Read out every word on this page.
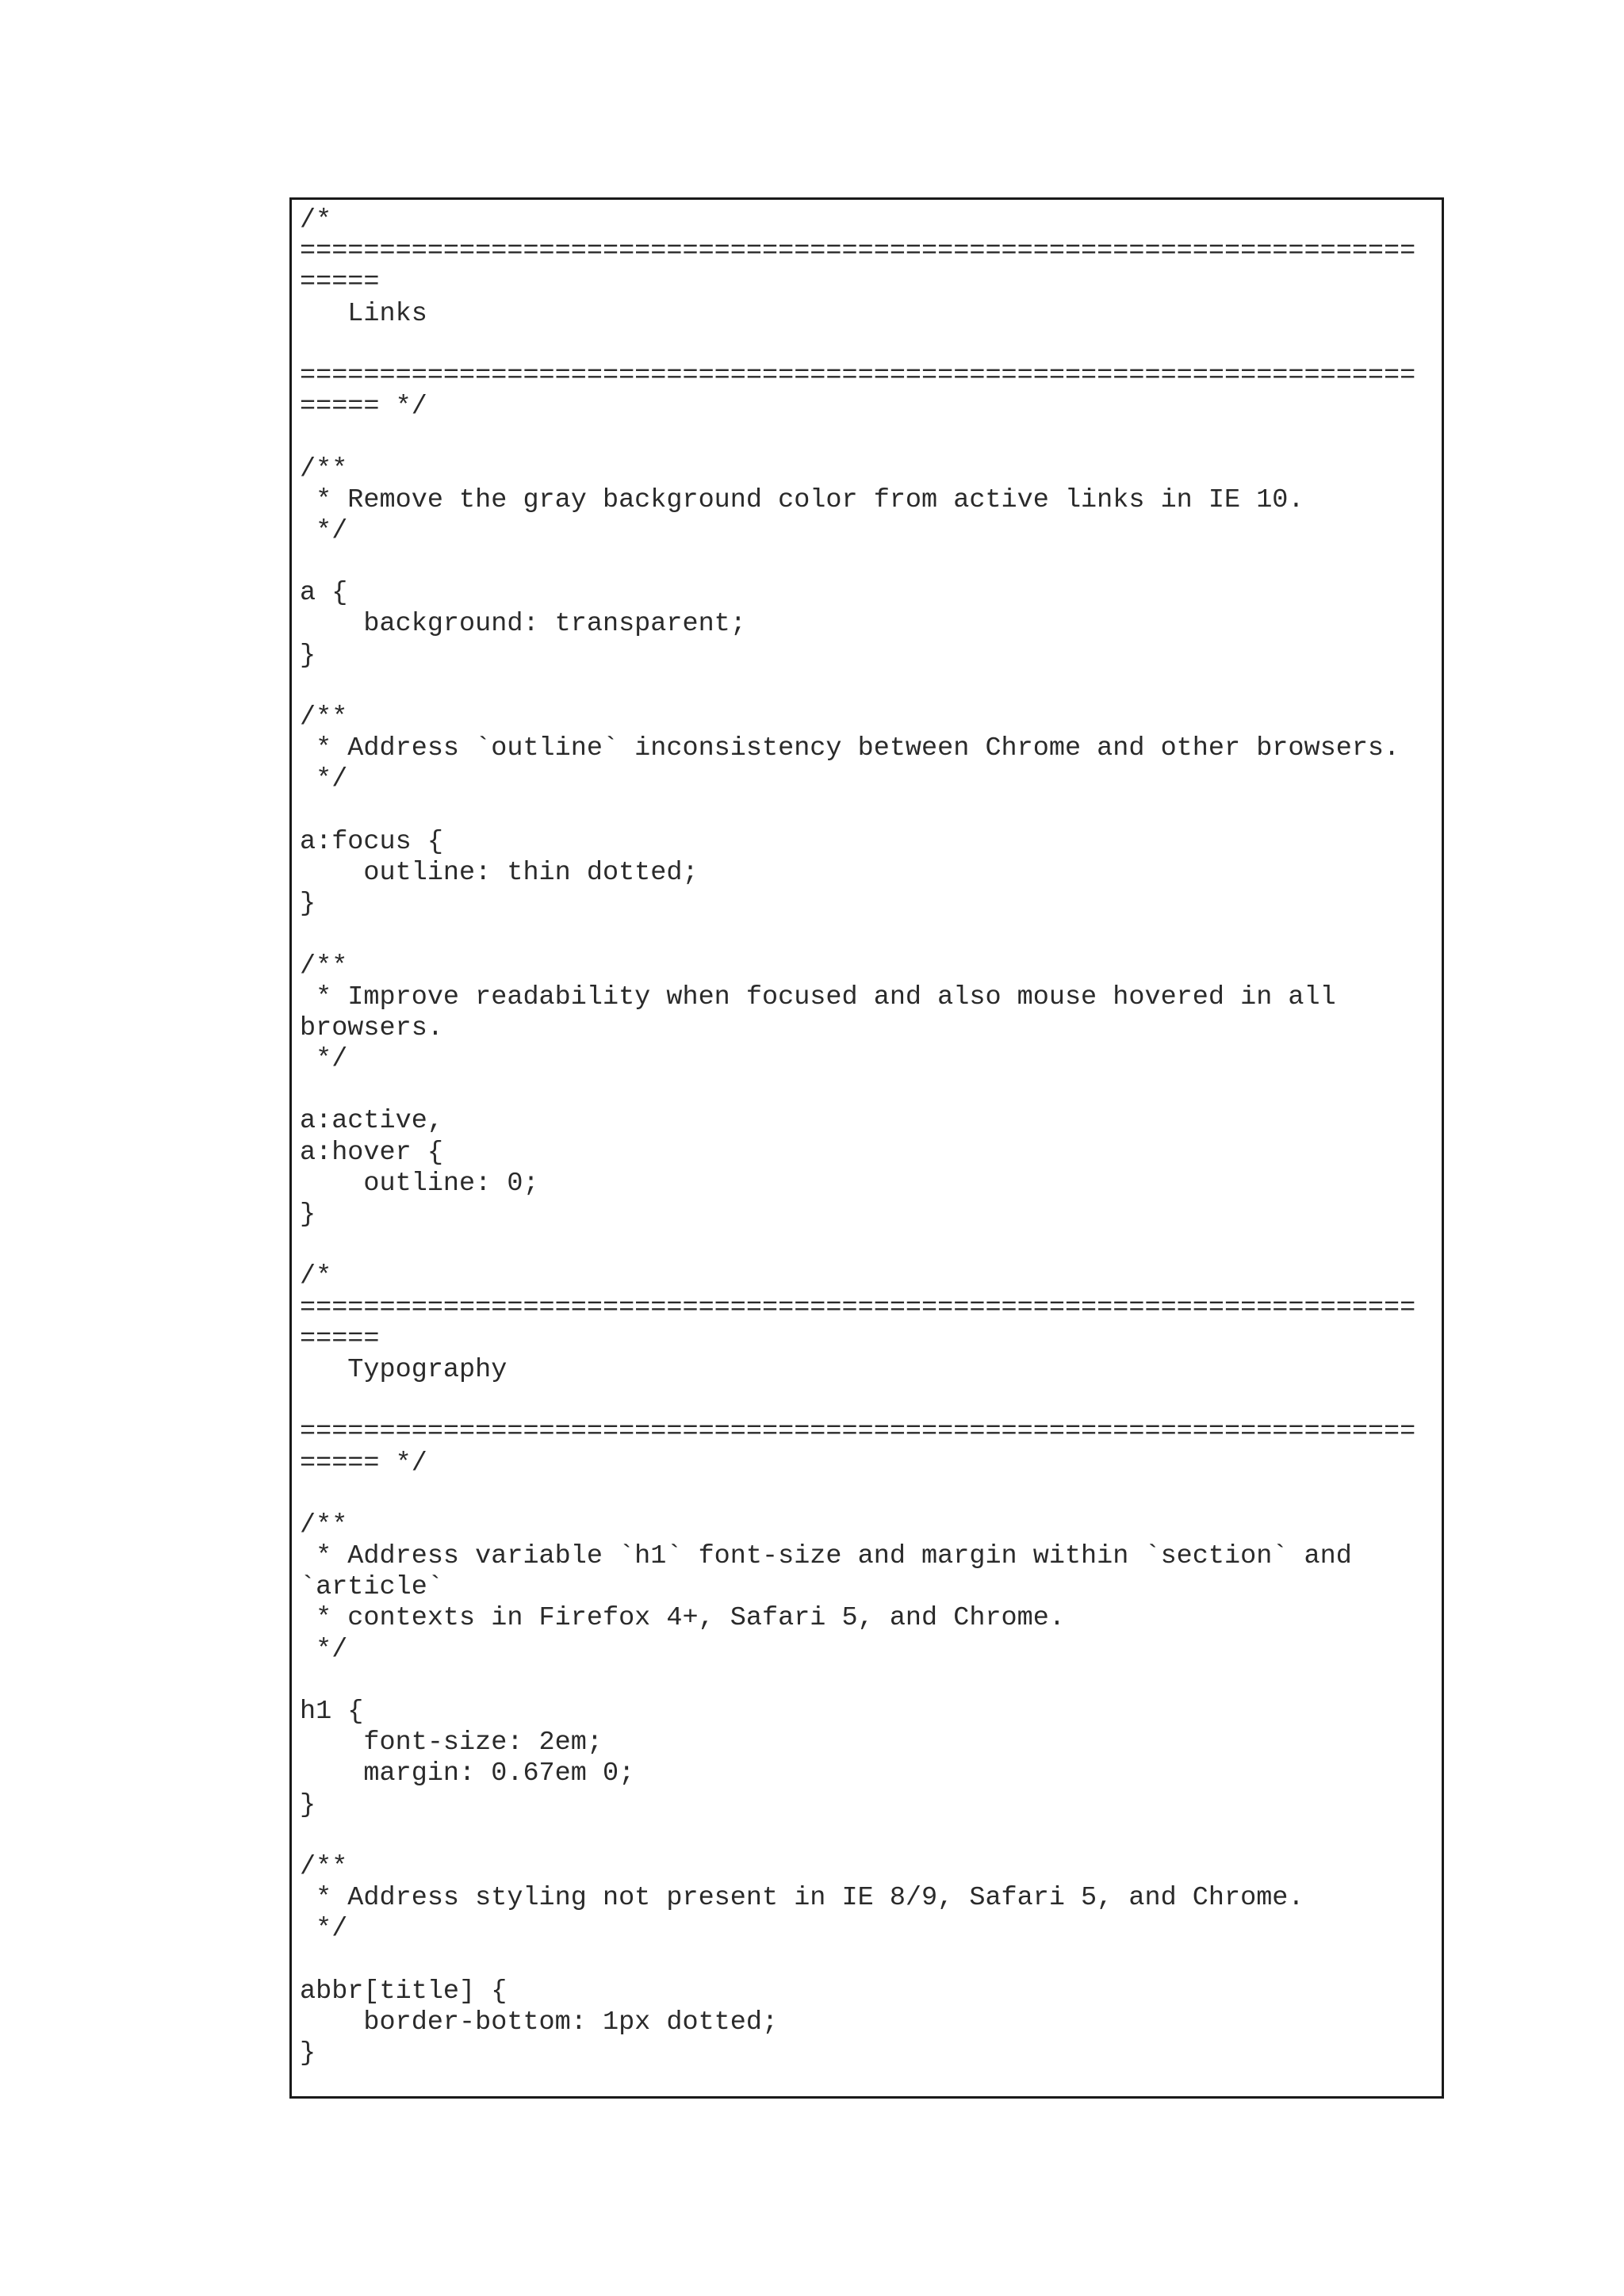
/*
======================================================================
=====
Links
======================================================================
===== */
/**
* Remove the gray background color from active links in IE 10.
*/
a {
background: transparent;
}
/**
* Address `outline` inconsistency between Chrome and other browsers.
*/
a:focus {
outline: thin dotted;
}
/**
* Improve readability when focused and also mouse hovered in all
browsers.
*/
a:active,
a:hover {
outline: 0;
}
/*
======================================================================
=====
Typography
======================================================================
===== */
/**
* Address variable `h1` font-size and margin within `section` and
`article`
* contexts in Firefox 4+, Safari 5, and Chrome.
*/
h1 {
font-size: 2em;
margin: 0.67em 0;
}
/**
* Address styling not present in IE 8/9, Safari 5, and Chrome.
*/
abbr[title] {
border-bottom: 1px dotted;
}
